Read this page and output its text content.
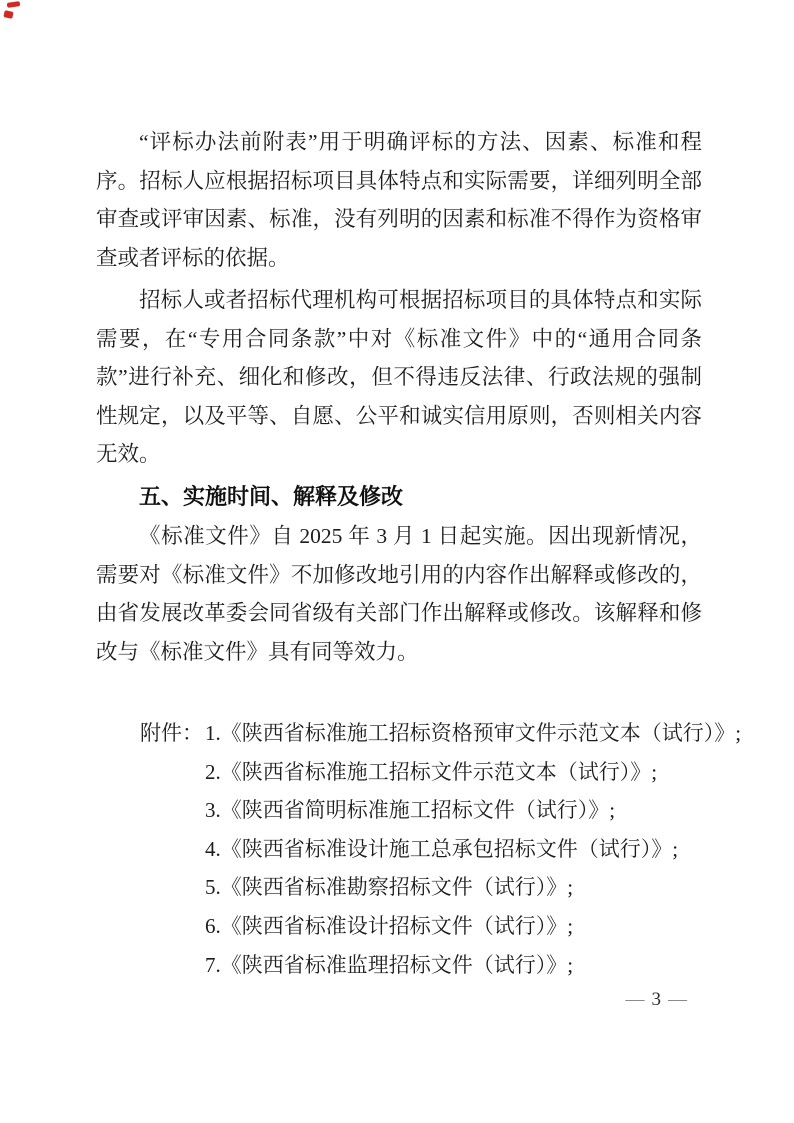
“评标办法前附表”用于明确评标的方法、因素、标准和程序。招标人应根据招标项目具体特点和实际需要，详细列明全部审查或评审因素、标准，没有列明的因素和标准不得作为资格审查或者评标的依据。

招标人或者招标代理机构可根据招标项目的具体特点和实际需要，在“专用合同条款”中对《标准文件》中的“通用合同条款”进行补充、细化和修改，但不得违反法律、行政法规的强制性规定，以及平等、自愿、公平和诚实信用原则，否则相关内容无效。

五、实施时间、解释及修改

《标准文件》自 2025 年 3 月 1 日起实施。因出现新情况，需要对《标准文件》不加修改地引用的内容作出解释或修改的，由省发展改革委会同省级有关部门作出解释或修改。该解释和修改与《标准文件》具有同等效力。

附件： 1.《陕西省标准施工招标资格预审文件示范文本（试行）》;
2.《陕西省标准施工招标文件示范文本（试行）》;
3.《陕西省简明标准施工招标文件（试行）》;
4.《陕西省标准设计施工总承包招标文件（试行）》;
5.《陕西省标准勘察招标文件（试行）》;
6.《陕西省标准设计招标文件（试行）》;
7.《陕西省标准监理招标文件（试行）》;
— 3 —
